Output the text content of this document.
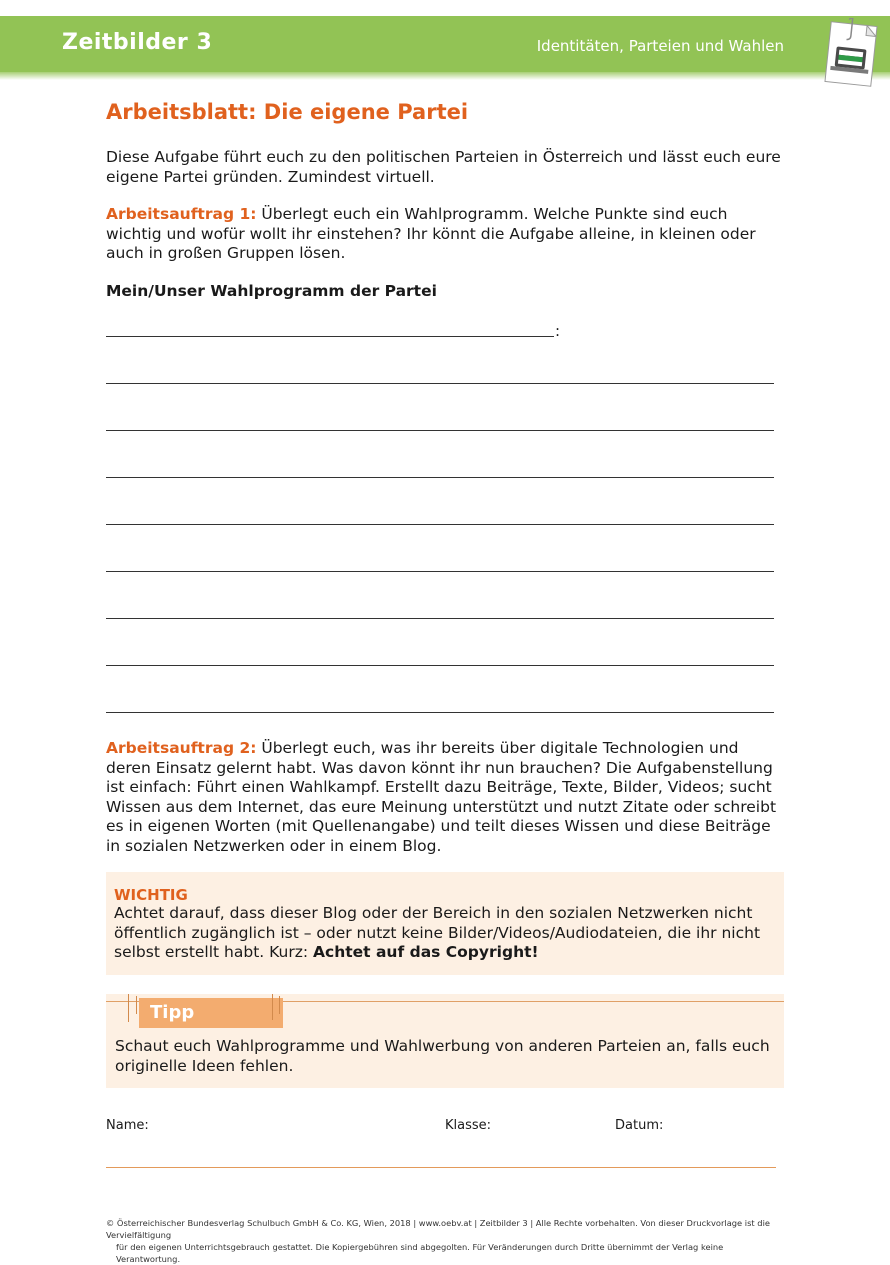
Zeitbilder 3	Identitäten, Parteien und Wahlen
Arbeitsblatt: Die eigene Partei

Diese Aufgabe führt euch zu den politischen Parteien in Österreich und lässt euch eure eigene Partei gründen. Zumindest virtuell.

Arbeitsauftrag 1: Überlegt euch ein Wahlprogramm. Welche Punkte sind euch wichtig und wofür wollt ihr einstehen? Ihr könnt die Aufgabe alleine, in kleinen oder auch in großen Gruppen lösen.

Mein/Unser Wahlprogramm der Partei
:

Arbeitsauftrag 2: Überlegt euch, was ihr bereits über digitale Technologien und deren Einsatz gelernt habt. Was davon könnt ihr nun brauchen? Die Aufgabenstellung ist einfach: Führt einen Wahlkampf. Erstellt dazu Beiträge, Texte, Bilder, Videos; sucht Wissen aus dem Internet, das eure Meinung unterstützt und nutzt Zitate oder schreibt es in eigenen Worten (mit Quellenangabe) und teilt dieses Wissen und diese Beiträge in sozialen Netzwerken oder in einem Blog.

WICHTIG

Achtet darauf, dass dieser Blog oder der Bereich in den sozialen Netzwerken nicht öffentlich zugänglich ist – oder nutzt keine Bilder/Videos/Audiodateien, die ihr nicht selbst erstellt habt. Kurz: Achtet auf das Copyright!

Tipp

Schaut euch Wahlprogramme und Wahlwerbung von anderen Parteien an, falls euch originelle Ideen fehlen.

Name:	Klasse:	Datum:
© Österreichischer Bundesverlag Schulbuch GmbH & Co. KG, Wien, 2018 | www.oebv.at | Zeitbilder 3 | Alle Rechte vorbehalten. Von dieser Druckvorlage ist die Vervielfältigung
für den eigenen Unterrichtsgebrauch gestattet. Die Kopiergebühren sind abgegolten. Für Veränderungen durch Dritte übernimmt der Verlag keine Verantwortung.
